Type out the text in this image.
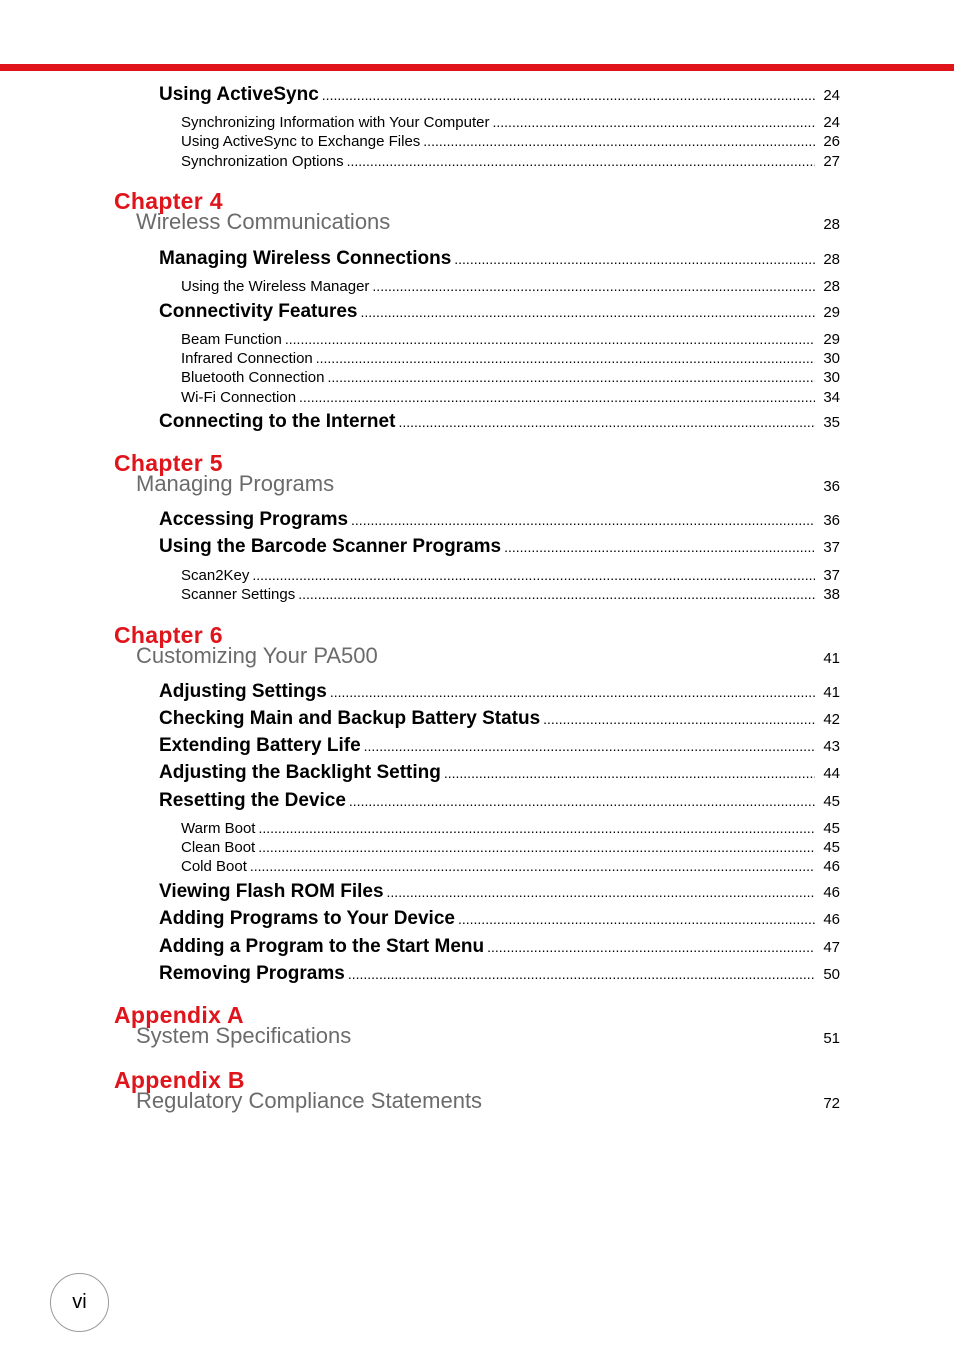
Using ActiveSync .....	24
Synchronizing Information with Your Computer .....	24
Using ActiveSync to Exchange Files .....	26
Synchronization Options .....	27
Chapter 4
Wireless Communications	28
Managing Wireless Connections .....	28
Using the Wireless Manager .....	28
Connectivity Features .....	29
Beam Function .....	29
Infrared Connection .....	30
Bluetooth Connection .....	30
Wi-Fi Connection .....	34
Connecting to the Internet .....	35
Chapter 5
Managing Programs	36
Accessing Programs .....	36
Using the Barcode Scanner Programs .....	37
Scan2Key .....	37
Scanner Settings .....	38
Chapter 6
Customizing Your PA500	41
Adjusting Settings .....	41
Checking Main and Backup Battery Status .....	42
Extending Battery Life .....	43
Adjusting the Backlight Setting .....	44
Resetting the Device .....	45
Warm Boot .....	45
Clean Boot .....	45
Cold Boot .....	46
Viewing Flash ROM Files .....	46
Adding Programs to Your Device .....	46
Adding a Program to the Start Menu .....	47
Removing Programs .....	50
Appendix A
System Specifications	51
Appendix B
Regulatory Compliance Statements	72
vi
